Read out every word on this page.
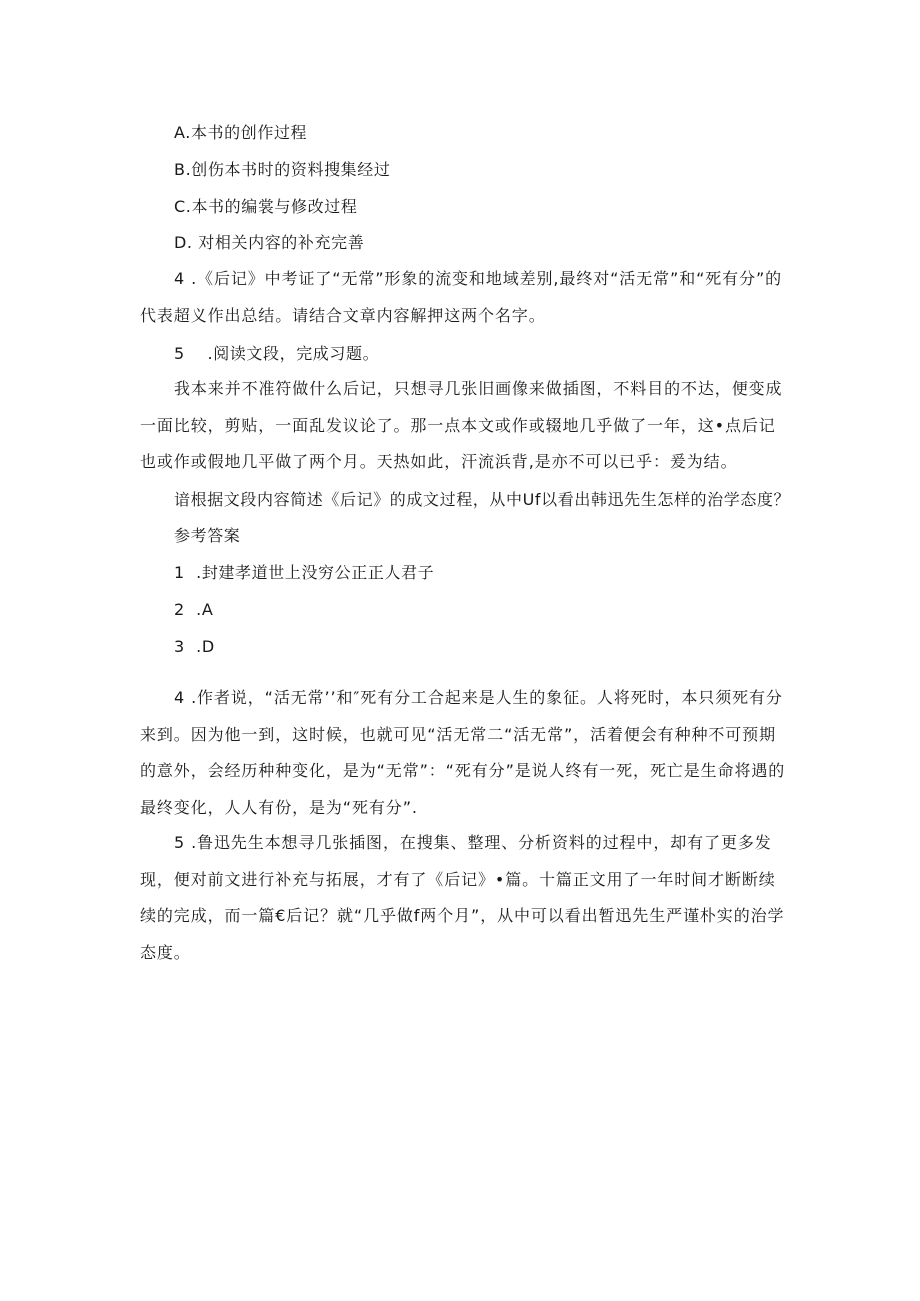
A.本书的创作过程
B.创伤本书时的资料搜集经过
C.本书的编裳与修改过程
D. 对相关内容的补充完善
4 .《后记》中考证了“无常”形象的流变和地域差别,最终对“活无常”和“死有分”的代表超义作出总结。请结合文章内容解押这两个名字。
5    .阅读文段，完成习题。
我本来并不准符做什么后记，只想寻几张旧画像来做插图，不料目的不达，便变成一面比较，剪贴，一面乱发议论了。那一点本文或作或辍地几乎做了一年，这•点后记也或作或假地几平做了两个月。天热如此，汗流浜背,是亦不可以已乎：爰为结。
谙根据文段内容简述《后记》的成文过程，从中Uf以看出韩迅先生怎样的治学态度？
参考答案
1  .封建孝道世上没穷公正正人君子
2  .A
3  .D
4 .作者说，“活无常’’和″死有分工合起来是人生的象征。人将死时，本只须死有分来到。因为他一到，这时候，也就可见“活无常二“活无常”，活着便会有种种不可预期的意外，会经历种种变化，是为“无常”：“死有分”是说人终有一死，死亡是生命将遇的最终变化，人人有份，是为“死有分”.
5 .鲁迅先生本想寻几张插图，在搜集、整理、分析资料的过程中，却有了更多发现，便对前文进行补充与拓展，才有了《后记》•篇。十篇正文用了一年时间才断断续续的完成，而一篇€后记？就“几乎做f两个月”，从中可以看出暂迅先生严谨朴实的治学态度。
